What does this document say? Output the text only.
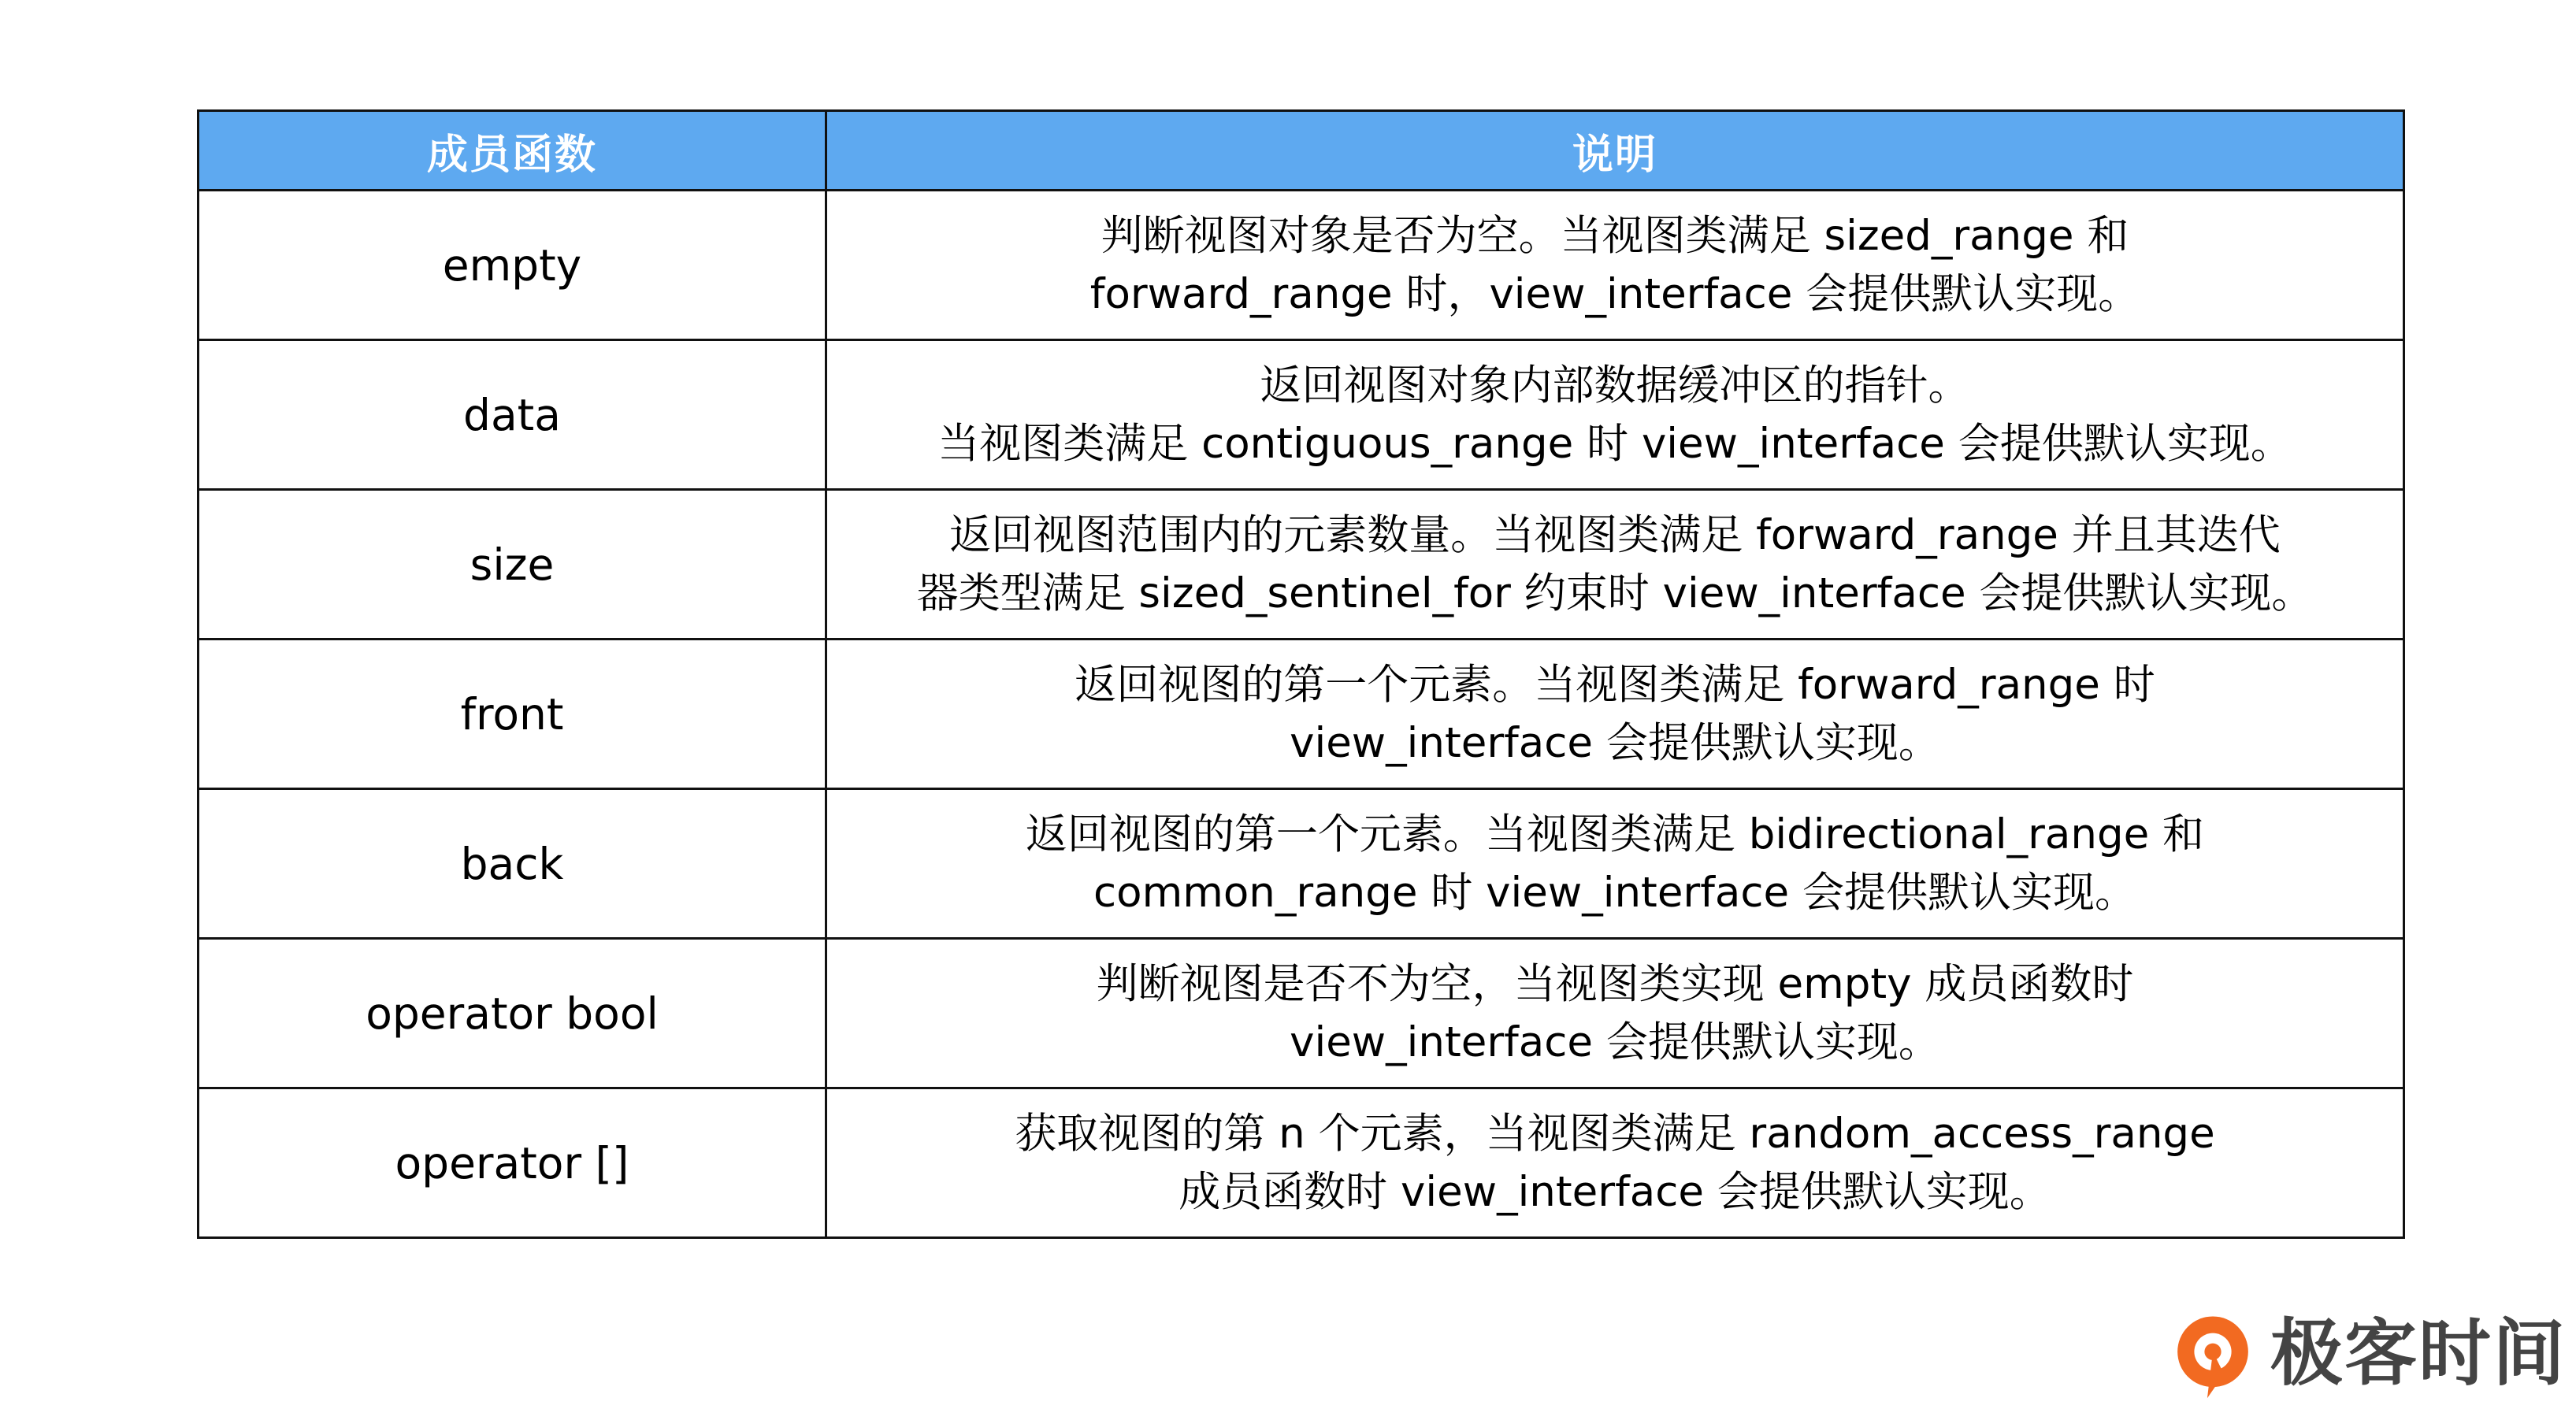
成员函数	说明
empty	判断视图对象是否为空。当视图类满足 sized_range 和
forward_range 时，view_interface 会提供默认实现。

data	返回视图对象内部数据缓冲区的指针。
当视图类满足 contiguous_range 时 view_interface 会提供默认实现。

size	返回视图范围内的元素数量。当视图类满足 forward_range 并且其迭代
器类型满足 sized_sentinel_for 约束时 view_interface 会提供默认实现。

front	返回视图的第一个元素。当视图类满足 forward_range 时
view_interface 会提供默认实现。

back	返回视图的第一个元素。当视图类满足 bidirectional_range 和
common_range 时 view_interface 会提供默认实现。

operator bool	判断视图是否不为空，当视图类实现 empty 成员函数时
view_interface 会提供默认实现。

operator []	获取视图的第 n 个元素，当视图类满足 random_access_range
成员函数时 view_interface 会提供默认实现。
极客时间
